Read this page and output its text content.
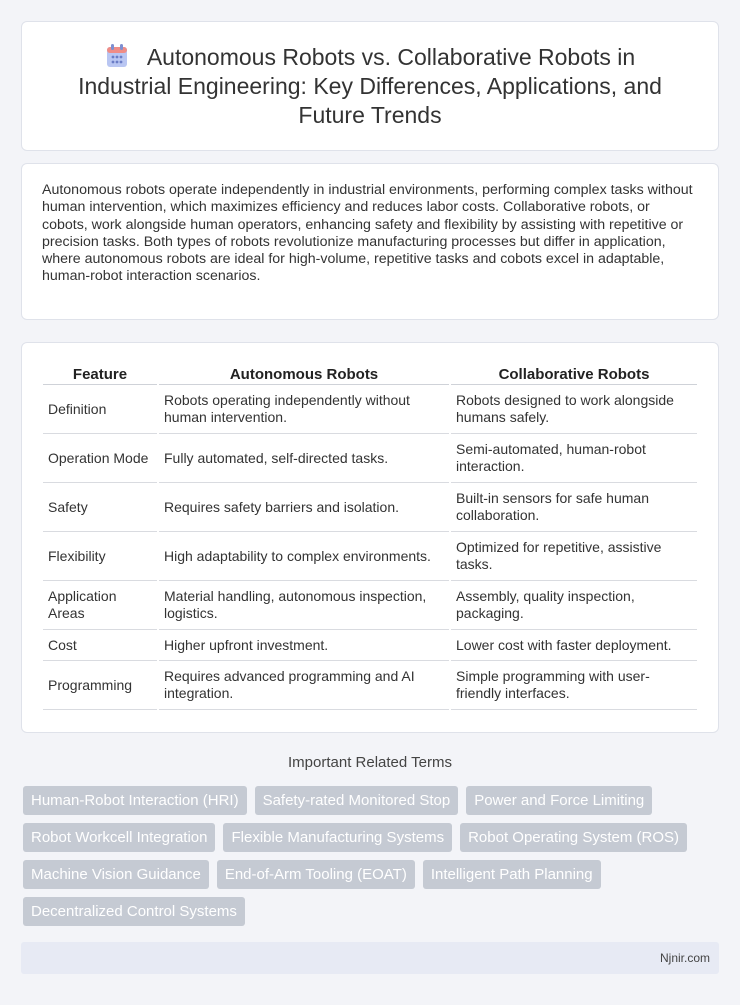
Autonomous Robots vs. Collaborative Robots in Industrial Engineering: Key Differences, Applications, and Future Trends

Autonomous robots operate independently in industrial environments, performing complex tasks without human intervention, which maximizes efficiency and reduces labor costs. Collaborative robots, or cobots, work alongside human operators, enhancing safety and flexibility by assisting with repetitive or precision tasks. Both types of robots revolutionize manufacturing processes but differ in application, where autonomous robots are ideal for high-volume, repetitive tasks and cobots excel in adaptable, human-robot interaction scenarios.

Feature	Autonomous Robots	Collaborative Robots
Definition	Robots operating independently without human intervention.	Robots designed to work alongside humans safely.
Operation Mode	Fully automated, self-directed tasks.	Semi-automated, human-robot interaction.
Safety	Requires safety barriers and isolation.	Built-in sensors for safe human collaboration.
Flexibility	High adaptability to complex environments.	Optimized for repetitive, assistive tasks.
Application Areas	Material handling, autonomous inspection, logistics.	Assembly, quality inspection, packaging.
Cost	Higher upfront investment.	Lower cost with faster deployment.
Programming	Requires advanced programming and AI integration.	Simple programming with user-friendly interfaces.
Important Related Terms
Human-Robot Interaction (HRI)	Safety-rated Monitored Stop	Power and Force Limiting
Robot Workcell Integration	Flexible Manufacturing Systems	Robot Operating System (ROS)
Machine Vision Guidance	End-of-Arm Tooling (EOAT)	Intelligent Path Planning
Decentralized Control Systems
Njnir.com
